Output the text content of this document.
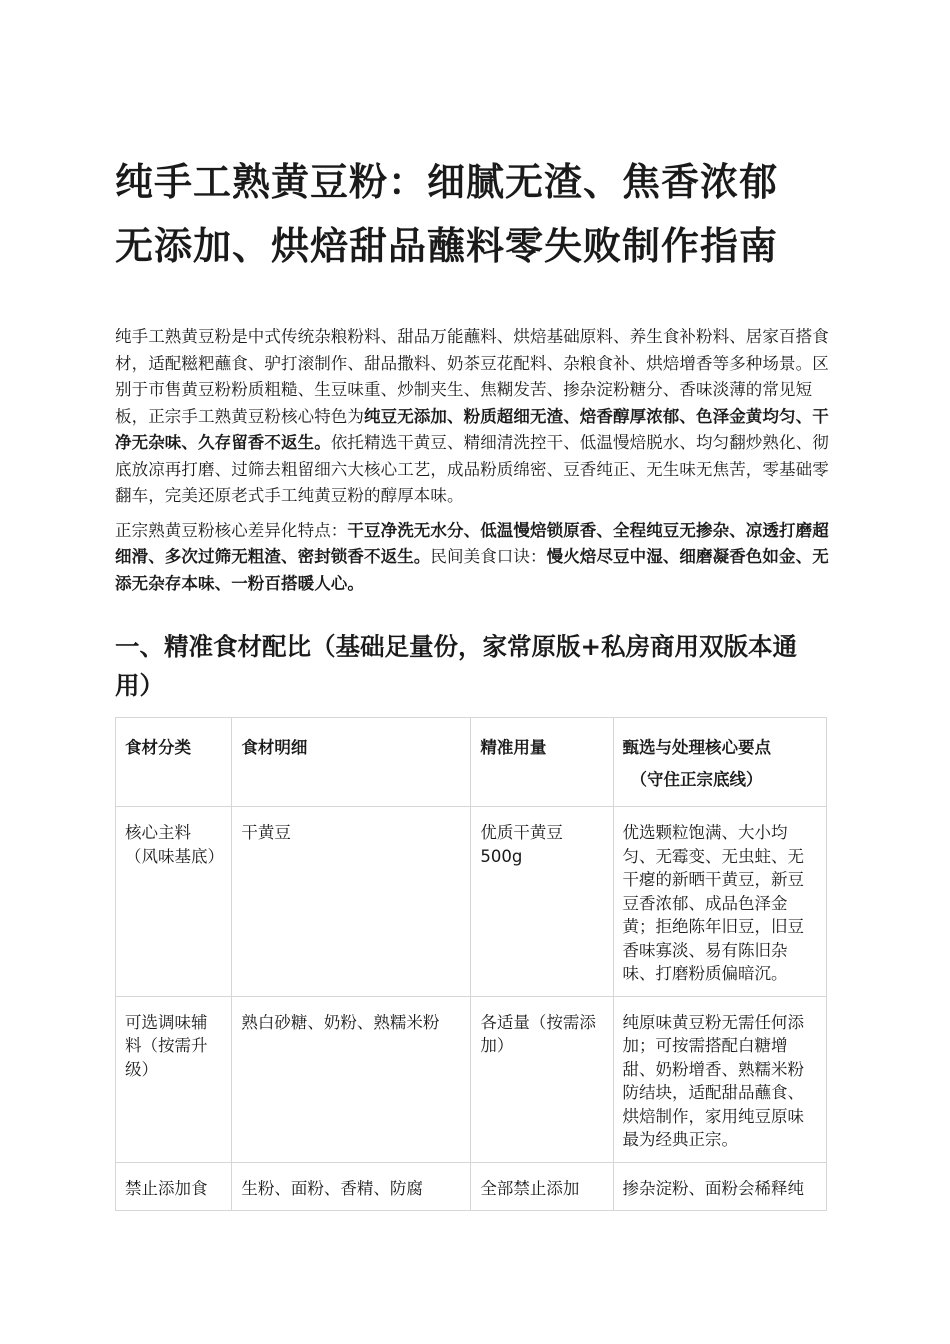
纯手工熟黄豆粉：细腻无渣、焦香浓郁
无添加、烘焙甜品蘸料零失败制作指南

纯手工熟黄豆粉是中式传统杂粮粉料、甜品万能蘸料、烘焙基础原料、养生食补粉料、居家百搭食材，适配糍粑蘸食、驴打滚制作、甜品撒料、奶茶豆花配料、杂粮食补、烘焙增香等多种场景。区别于市售黄豆粉粉质粗糙、生豆味重、炒制夹生、焦糊发苦、掺杂淀粉糖分、香味淡薄的常见短板，正宗手工熟黄豆粉核心特色为纯豆无添加、粉质超细无渣、焙香醇厚浓郁、色泽金黄均匀、干净无杂味、久存留香不返生。依托精选干黄豆、精细清洗控干、低温慢焙脱水、均匀翻炒熟化、彻底放凉再打磨、过筛去粗留细六大核心工艺，成品粉质绵密、豆香纯正、无生味无焦苦，零基础零翻车，完美还原老式手工纯黄豆粉的醇厚本味。

正宗熟黄豆粉核心差异化特点：干豆净洗无水分、低温慢焙锁原香、全程纯豆无掺杂、凉透打磨超细滑、多次过筛无粗渣、密封锁香不返生。民间美食口诀：慢火焙尽豆中湿、细磨凝香色如金、无添无杂存本味、一粉百搭暖人心。

一、精准食材配比（基础足量份，家常原版+私房商用双版本通用）
食材分类	食材明细	精准用量	甄选与处理核心要点
（守住正宗底线）

核心主料（风味基底）	干黄豆	优质干黄豆500g	优选颗粒饱满、大小均匀、无霉变、无虫蛀、无干瘪的新晒干黄豆，新豆豆香浓郁、成品色泽金黄；拒绝陈年旧豆，旧豆香味寡淡、易有陈旧杂味、打磨粉质偏暗沉。
可选调味辅料（按需升级）	熟白砂糖、奶粉、熟糯米粉	各适量（按需添加）	纯原味黄豆粉无需任何添加；可按需搭配白糖增甜、奶粉增香、熟糯米粉防结块，适配甜品蘸食、烘焙制作，家用纯豆原味最为经典正宗。
禁止添加食	生粉、面粉、香精、防腐	全部禁止添加	掺杂淀粉、面粉会稀释纯
